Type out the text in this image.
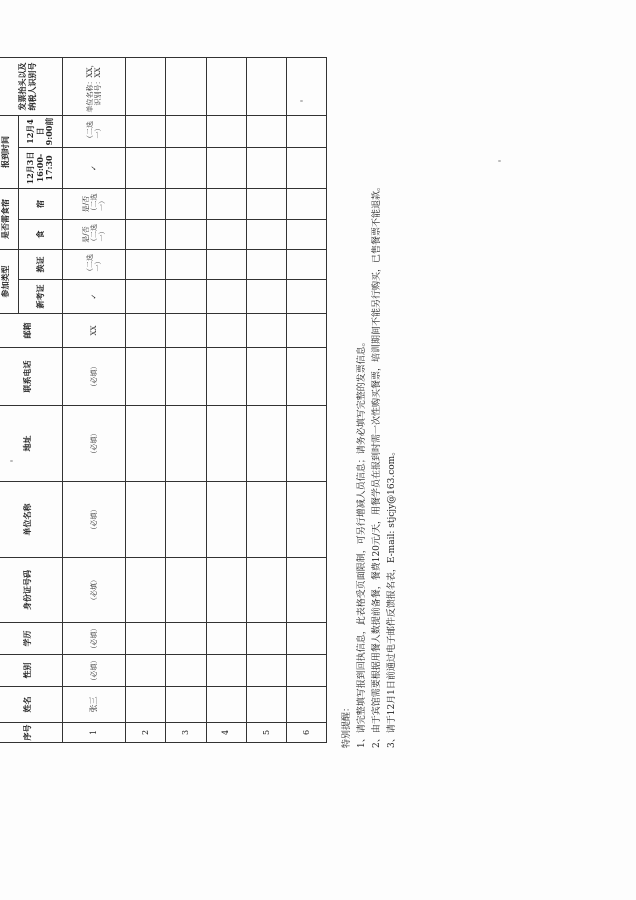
序号	姓名	性别	学历	身份证号码	单位名称	地址	联系电话	邮箱	参加类型		是否需食宿		报到时间		发票抬头以及纳税人识别号
									新考证	换证	食	宿	12月3日 16:00-17:30	12月4日 9:00前	
1	张三	（必填）	（必填）	（必填）	（必填）	（必填）	（必填）	XX	✓	（二选一）	是/否（二选一）	是/否（二选一）	✓	（二选一）	单位名称：XX，识别号：XX
2															
3															
4															
5															
6																特别提醒： 1、请完整填写报到回执信息，此表格受页面限制，可另行增减人员信息；请务必填写完整的发票信息。 2、由于宾馆需要根据用餐人数提前备餐，餐费120元/天，用餐学员在报到时需一次性购买餐票，培训期间不能另行购买，已售餐票不能退款。 3、请于12月1日前通过电子邮件反馈报名表，E-mail: stjcjy@163.com。
